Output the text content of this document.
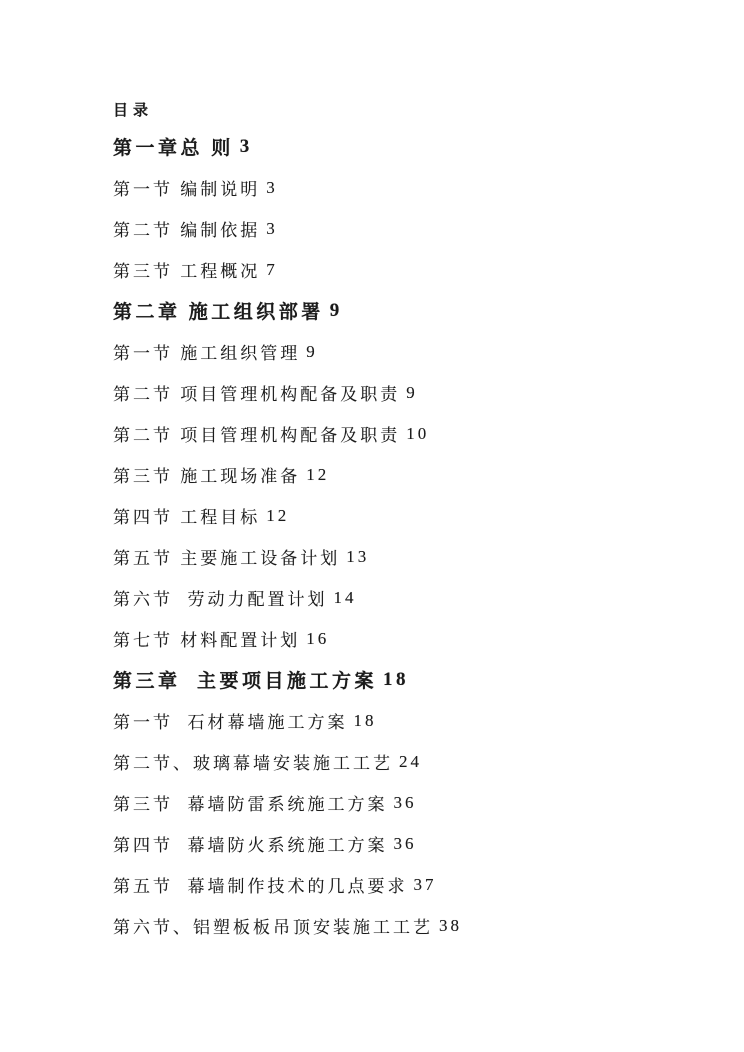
目录
第一章总 则 3
第一节 编制说明 3
第二节 编制依据 3
第三节 工程概况 7
第二章 施工组织部署 9
第一节 施工组织管理 9
第二节 项目管理机构配备及职责 9
第二节 项目管理机构配备及职责 10
第三节 施工现场准备 12
第四节 工程目标 12
第五节 主要施工设备计划 13
第六节  劳动力配置计划 14
第七节 材料配置计划 16
第三章  主要项目施工方案 18
第一节  石材幕墙施工方案 18
第二节、玻璃幕墙安装施工工艺 24
第三节  幕墙防雷系统施工方案 36
第四节  幕墙防火系统施工方案 36
第五节  幕墙制作技术的几点要求 37
第六节、铝塑板板吊顶安装施工工艺 38
